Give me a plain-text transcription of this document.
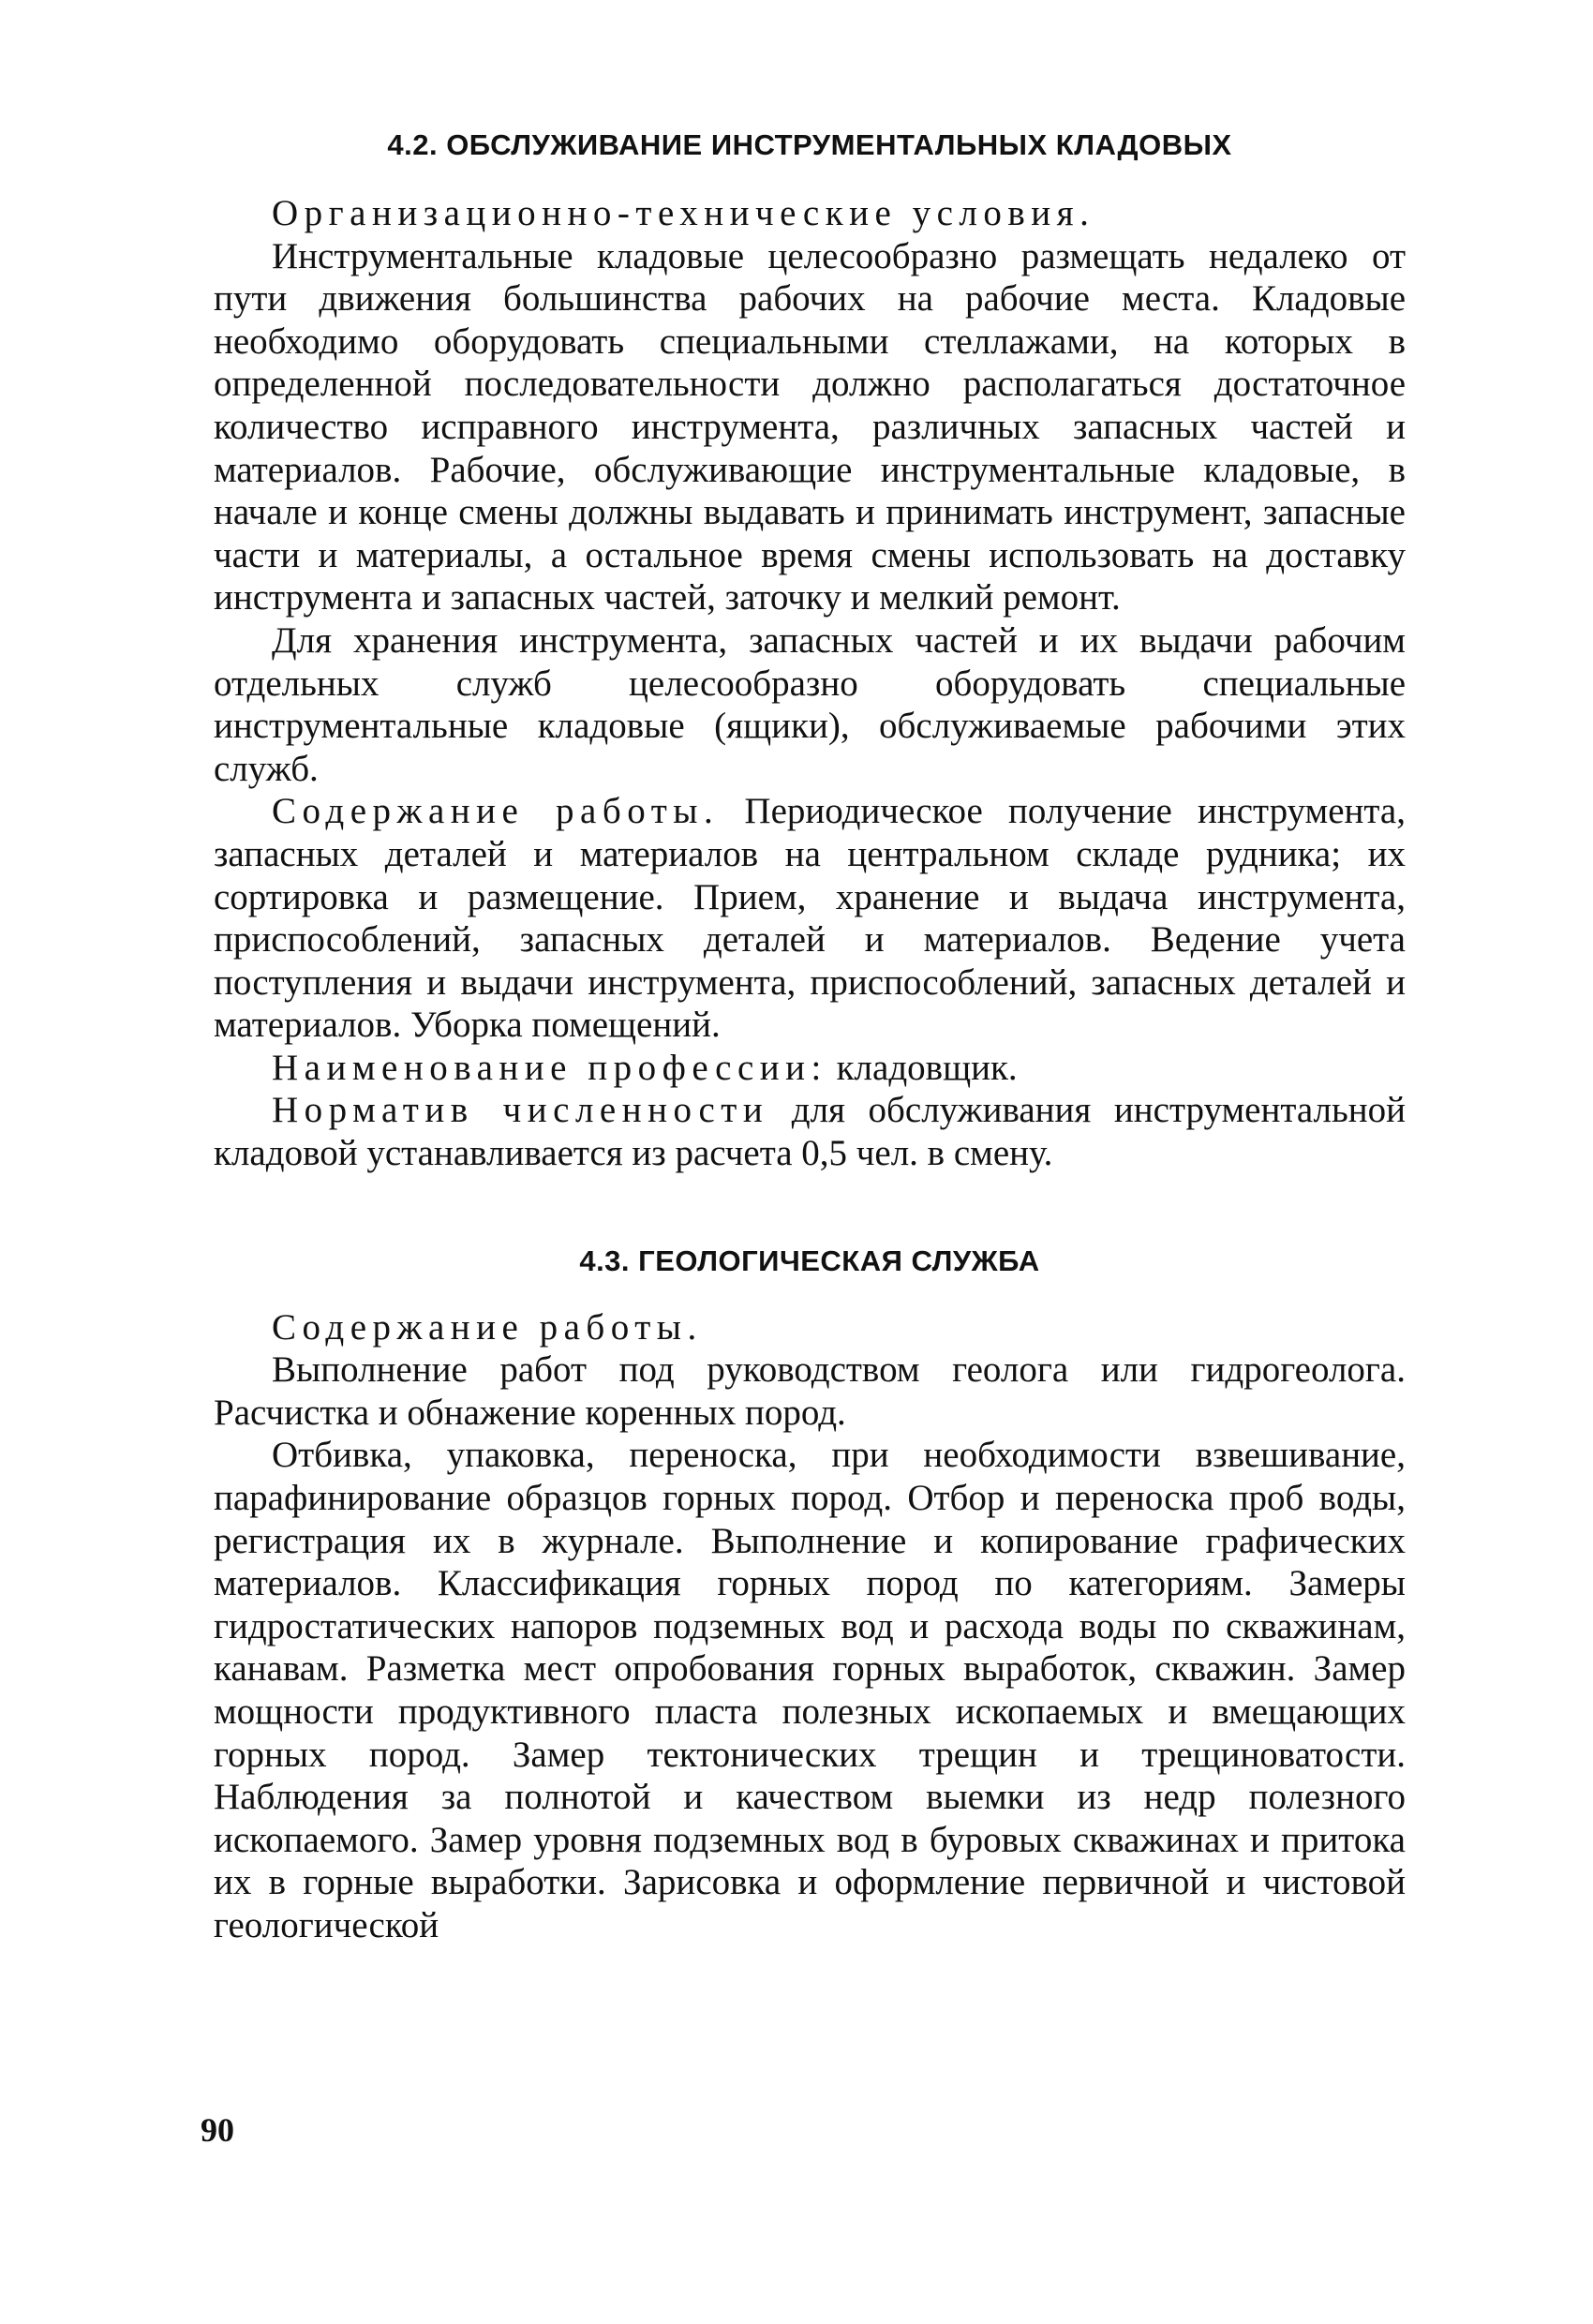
4.2. ОБСЛУЖИВАНИЕ ИНСТРУМЕНТАЛЬНЫХ КЛАДОВЫХ

Организационно-технические условия.

Инструментальные кладовые целесообразно размещать недалеко от пути движения большинства рабочих на рабочие места. Кладовые необходимо оборудовать специальными стеллажами, на которых в определенной последовательности должно располагаться достаточное количество исправного инструмента, различных запасных частей и материалов. Рабочие, обслуживающие инструментальные кладовые, в начале и конце смены должны выдавать и принимать инструмент, запасные части и материалы, а остальное время смены использовать на доставку инструмента и запасных частей, заточку и мелкий ремонт.

Для хранения инструмента, запасных частей и их выдачи рабочим отдельных служб целесообразно оборудовать специальные инструментальные кладовые (ящики), обслуживаемые рабочими этих служб.

Содержание работы. Периодическое получение инструмента, запасных деталей и материалов на центральном складе рудника; их сортировка и размещение. Прием, хранение и выдача инструмента, приспособлений, запасных деталей и материалов. Ведение учета поступления и выдачи инструмента, приспособлений, запасных деталей и материалов. Уборка помещений.

Наименование профессии: кладовщик.

Норматив численности для обслуживания инструментальной кладовой устанавливается из расчета 0,5 чел. в смену.

4.3. ГЕОЛОГИЧЕСКАЯ СЛУЖБА

Содержание работы.

Выполнение работ под руководством геолога или гидрогеолога. Расчистка и обнажение коренных пород.

Отбивка, упаковка, переноска, при необходимости взвешивание, парафинирование образцов горных пород. Отбор и переноска проб воды, регистрация их в журнале. Выполнение и копирование графических материалов. Классификация горных пород по категориям. Замеры гидростатических напоров подземных вод и расхода воды по скважинам, канавам. Разметка мест опробования горных выработок, скважин. Замер мощности продуктивного пласта полезных ископаемых и вмещающих горных пород. Замер тектонических трещин и трещиноватости. Наблюдения за полнотой и качеством выемки из недр полезного ископаемого. Замер уровня подземных вод в буровых скважинах и притока их в горные выработки. Зарисовка и оформление первичной и чистовой геологической

90
